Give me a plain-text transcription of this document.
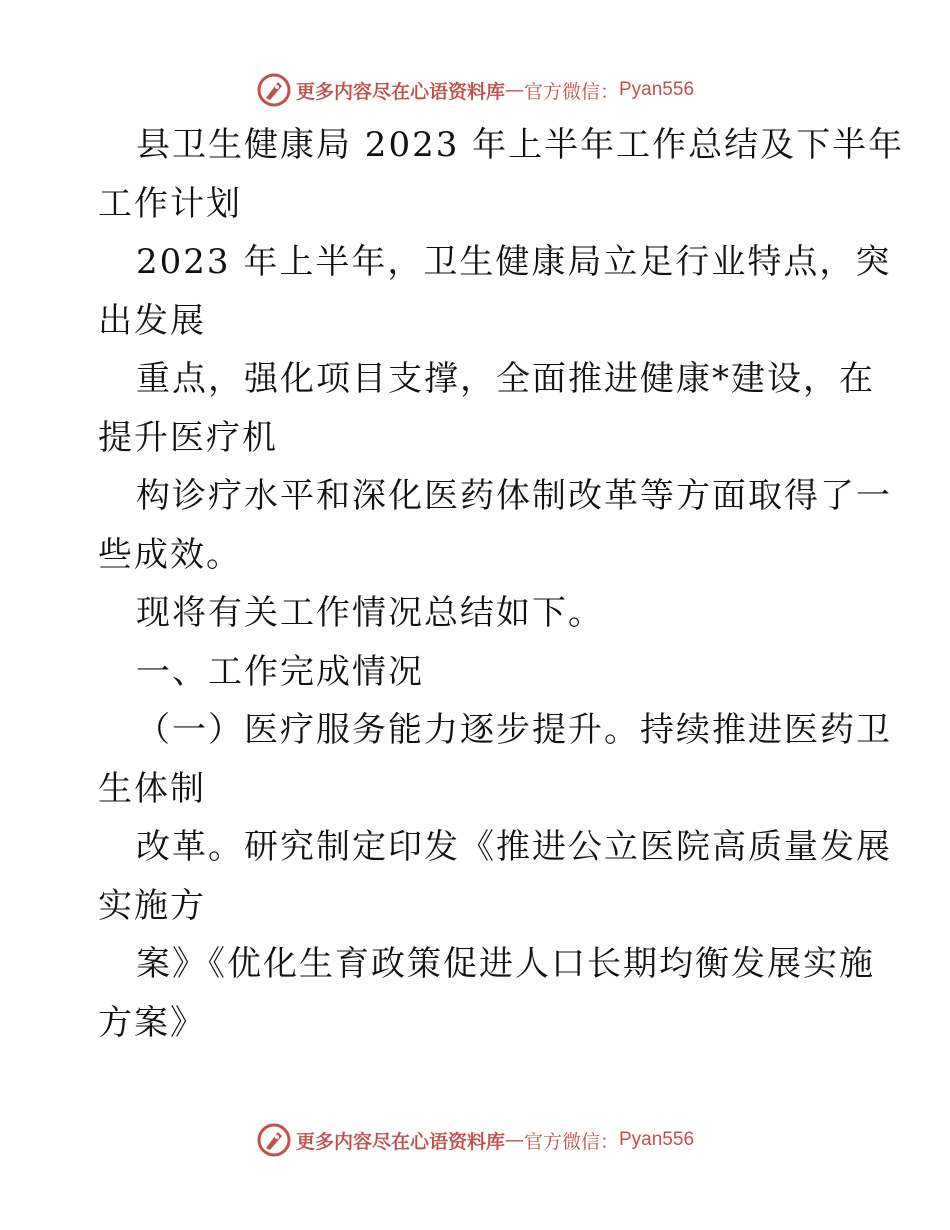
更多内容尽在心语资料库 — 官方微信： Pyan556
县卫生健康局 2023 年上半年工作总结及下半年
工作计划
2023 年上半年，卫生健康局立足行业特点，突
出发展
重点，强化项目支撑，全面推进健康*建设，在
提升医疗机
构诊疗水平和深化医药体制改革等方面取得了一
些成效。
现将有关工作情况总结如下。
一、工作完成情况
（一）医疗服务能力逐步提升。持续推进医药卫
生体制
改革。研究制定印发《推进公立医院高质量发展
实施方
案》《优化生育政策促进人口长期均衡发展实施
方案》
更多内容尽在心语资料库 — 官方微信： Pyan556
